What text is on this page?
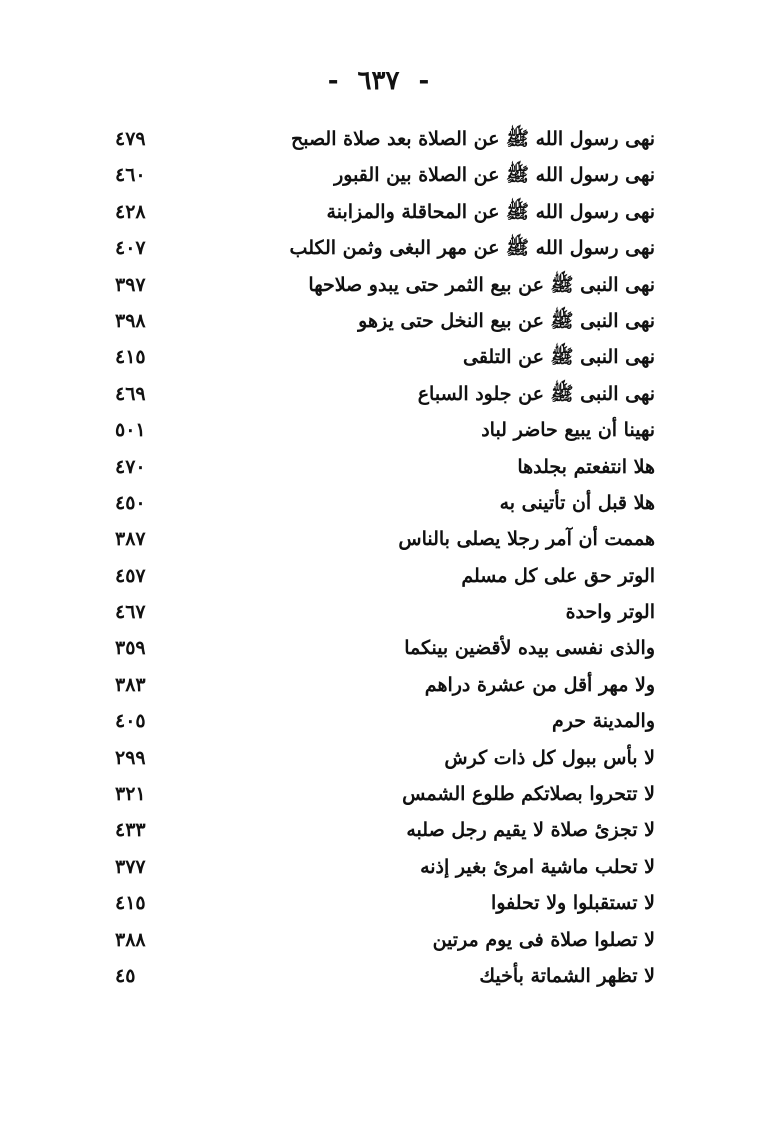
- ٦٣٧ -
نهى رسول الله ﷺ عن الصلاة بعد صلاة الصبح
٤٧٩
نهى رسول الله ﷺ عن الصلاة بين القبور
٤٦٠
نهى رسول الله ﷺ عن المحاقلة والمزابنة
٤٢٨
نهى رسول الله ﷺ عن مهر البغى وثمن الكلب
٤٠٧
نهى النبى ﷺ عن بيع الثمر حتى يبدو صلاحها
٣٩٧
نهى النبى ﷺ عن بيع النخل حتى يزهو
٣٩٨
نهى النبى ﷺ عن التلقى
٤١٥
نهى النبى ﷺ عن جلود السباع
٤٦٩
نهينا أن يبيع حاضر لباد
٥٠١
هلا انتفعتم بجلدها
٤٧٠
هلا قبل أن تأتينى به
٤٥٠
هممت أن آمر رجلا يصلى بالناس
٣٨٧
الوتر حق على كل مسلم
٤٥٧
الوتر واحدة
٤٦٧
والذى نفسى بيده لأقضين بينكما
٣٥٩
ولا مهر أقل من عشرة دراهم
٣٨٣
والمدينة حرم
٤٠٥
لا بأس ببول كل ذات كرش
٢٩٩
لا تتحروا بصلاتكم طلوع الشمس
٣٢١
لا تجزئ صلاة لا يقيم رجل صلبه
٤٣٣
لا تحلب ماشية امرئ بغير إذنه
٣٧٧
لا تستقبلوا ولا تحلفوا
٤١٥
لا تصلوا صلاة فى يوم مرتين
٣٨٨
لا تظهر الشماتة بأخيك
٤٥
